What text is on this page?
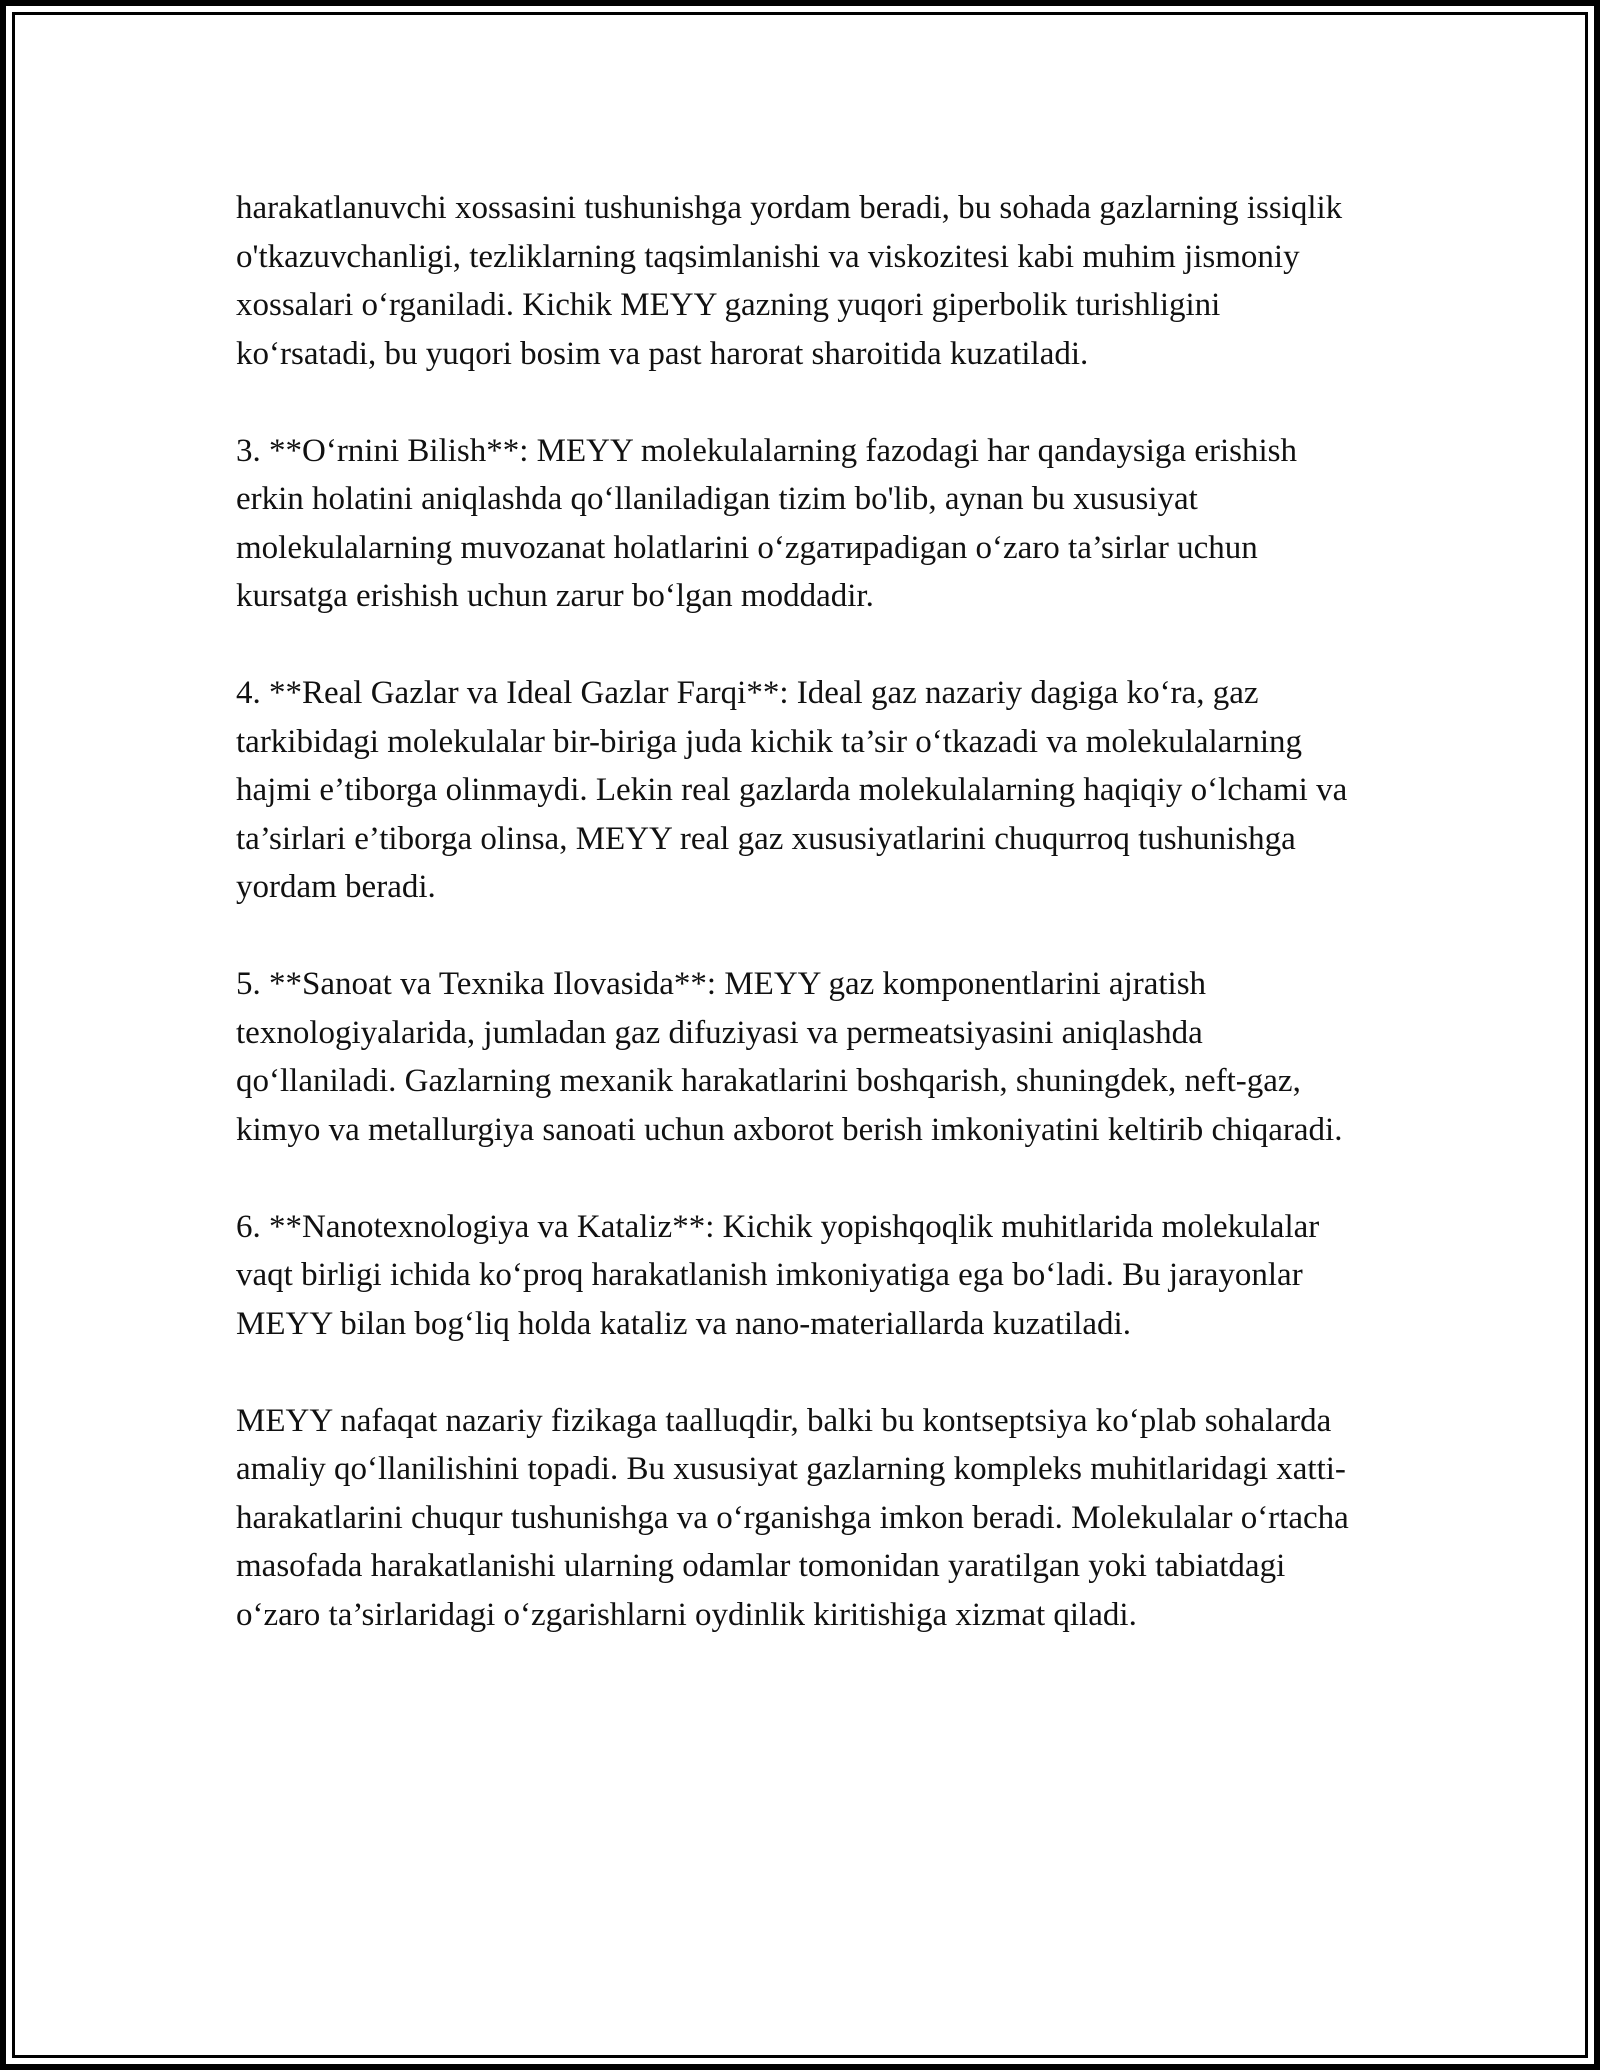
harakatlanuvchi xossasini tushunishga yordam beradi, bu sohada gazlarning issiqlik o'tkazuvchanligi, tezliklarning taqsimlanishi va viskozitesi kabi muhim jismoniy xossalari o‘rganiladi. Kichik MEYY gazning yuqori giperbolik turishligini ko‘rsatadi, bu yuqori bosim va past harorat sharoitida kuzatiladi.

3. **O‘rnini Bilish**: MEYY molekulalarning fazodagi har qandaysiga erishish erkin holatini aniqlashda qo‘llaniladigan tizim bo'lib, aynan bu xususiyat molekulalarning muvozanat holatlarini o‘zgaтирadigan o‘zaro ta’sirlar uchun kursatga erishish uchun zarur bo‘lgan moddadir.

4. **Real Gazlar va Ideal Gazlar Farqi**: Ideal gaz nazariy dagiga ko‘ra, gaz tarkibidagi molekulalar bir-biriga juda kichik ta’sir o‘tkazadi va molekulalarning hajmi e’tiborga olinmaydi. Lekin real gazlarda molekulalarning haqiqiy o‘lchami va ta’sirlari e’tiborga olinsa, MEYY real gaz xususiyatlarini chuqurroq tushunishga yordam beradi.

5. **Sanoat va Texnika Ilovasida**: MEYY gaz komponentlarini ajratish texnologiyalarida, jumladan gaz difuziyasi va permeatsiyasini aniqlashda qo‘llaniladi. Gazlarning mexanik harakatlarini boshqarish, shuningdek, neft-gaz, kimyo va metallurgiya sanoati uchun axborot berish imkoniyatini keltirib chiqaradi.

6. **Nanotexnologiya va Kataliz**: Kichik yopishqoqlik muhitlarida molekulalar vaqt birligi ichida ko‘proq harakatlanish imkoniyatiga ega bo‘ladi. Bu jarayonlar MEYY bilan bog‘liq holda kataliz va nano-materiallarda kuzatiladi.

MEYY nafaqat nazariy fizikaga taalluqdir, balki bu kontseptsiya ko‘plab sohalarda amaliy qo‘llanilishini topadi. Bu xususiyat gazlarning kompleks muhitlaridagi xatti-harakatlarini chuqur tushunishga va o‘rganishga imkon beradi. Molekulalar o‘rtacha masofada harakatlanishi ularning odamlar tomonidan yaratilgan yoki tabiatdagi o‘zaro ta’sirlaridagi o‘zgarishlarni oydinlik kiritishiga xizmat qiladi.
